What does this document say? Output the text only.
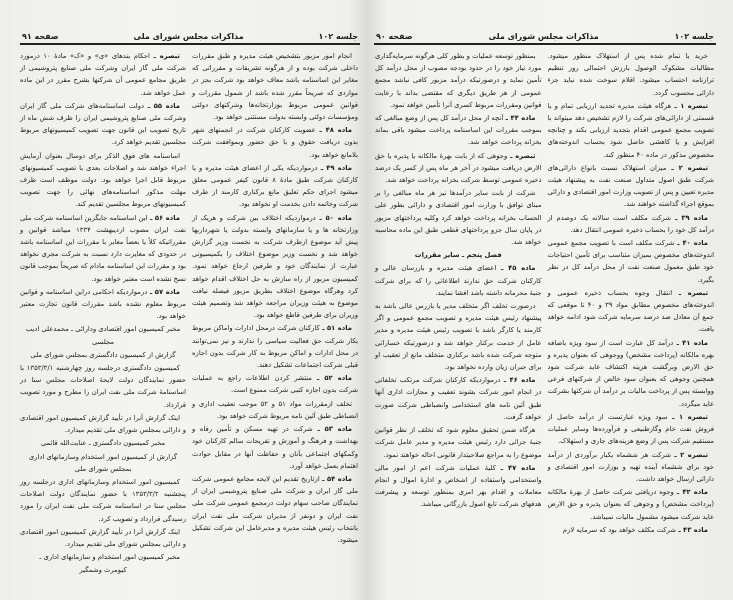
جلسه ۱۰۲
مذاکرات مجلس شورای ملی
صفحه ۹۱

انجام امور مزبور بتشخیص هیئت مدیره و طبق مقررات داخلی شرکت بوده و از هرگونه تشریفات و مقرراتی که مغایر این اساسنامه باشد معاف خواهد بود شرکت بجز در مواردی که صریحاً مقرر شده باشد از شمول مقررات و قوانین عمومی مربوط بوزارتخانه‌ها وشرکتهای دولتی ومؤسسات دولتی وابسته بدولت مستثنی خواهد بود.

ماده ۴۸ ـ عضویت کارکنان شرکت در انجمنهای شهر بدون دریافت حقوق و با حق حضور وبموافقت شرکت بلامانع خواهد بود.

ماده ۴۹ ـ درمواردیکه یکی از اعضای هیئت مدیره و یا کارکنان شرکت طبق مادهٔ ۸ قانون کیفر عمومی معلق میشود اجرای حکم تعلیق مانع برکناری کارمند از طرف شرکت وخاتمه دادن بخدمت او نخواهد بود.

ماده ۵۰ ـ درمواردیکه اختلاف بین شرکت و هریک از وزارتخانه ها و یا سازمانهای وابسته بدولت یا شهرداریها پیش آید موضوع ازطرف شرکت به نخست وزیر گزارش خواهد شد و نخست وزیر موضوع اختلاف را بکمیسیونی عبارت از نمایندگان خود و طرفین ارجاع خواهد نمود. کمیسیون مزبور از راه سازش به حل اختلاف اقدام خواهد کرد وهرگاه موضوع اختلاف بطریق مزبور فیصله نیافت موضوع به هیئت وزیران مراجعه خواهد شد وتصمیم هیئت وزیران برای طرفین قاطع خواهد بود.

ماده ۵۱ ـ کارکنان شرکت درمحل ادارات واماکن مربوط بکار شرکت حق فعالیت سیاسی را ندارند و نیز نمی‌توانند در محل ادارات و اماکن مربوط به کار شرکت بدون اجازه قبلی شرکت اجتماعات تشکیل دهند.

ماده ۵۲ ـ منتشر کردن اطلاعات راجع به عملیات شرکت بدون اجازه کتبی شرکت ممنوع است.

تخلف ازمقررات مواد ۵۱ و ۵۲ موجب تعقیب اداری و انضباطی طبق آئین نامه مربوط شرکت خواهد بود.

ماده ۵۳ ـ شرکت در تهیه مسکن و تأمین رفاه و بهداشت و فرهنگ و آموزش و تفریحات سالم کارکنان خود وکمکهای اجتماعی بآنان و حفاظت آنها در مقابل حوادث اهتمام بعمل خواهد آورد.

ماده ۵۴ ـ ازتاریخ تقدیم این لایحه مجامع عمومی شرکت ملی گاز ایران و شرکت ملی صنایع پتروشیمی ایران از نمایندگان صاحب سهام دولت درمجمع عمومی شرکت ملی نفت ایران و دونفر از مدیران شرکت ملی نفت ایران بانتخاب رئیس هیئت مدیره و مدیرعامل این شرکت تشکیل میشود.

تبصره ـ احکام بندهای «ی» و «ک» مادهٔ ۱۰ درمورد شرکت ملی گاز ایران وشرکت ملی صنایع پتروشیمی از طریق مجامع عمومی آن شرکتها بشرح مقرر در این ماده عمل خواهد شد.

ماده ۵۵ ـ دولت اساسنامه‌های شرکت ملی گاز ایران وشرکت ملی صنایع پتروشیمی ایران را ظرف شش ماه از تاریخ تصویب این قانون جهت تصویب کمیسیونهای مربوط مجلسین تقدیم خواهد کرد.

اساسنامه های فوق الذکر برای دوسال بعنوان آزمایش اجراء خواهند شد و اصلاحات بعدی با تصویب کمیسیونهای مربوط قابل اجرا خواهد بود. دولت موظف است ظرف مهلت مذکور اساسنامه‌های نهائی را جهت تصویب کمیسیونهای مربوط مجلسین تقدیم کند.

ماده ۵۶ ـ این اساسنامه جایگزین اساسنامه شرکت ملی نفت ایران مصوب اردیبهشت ۱۳۳۴ میباشد قوانین و مقرراتیکه کلاً یا بعضاً مغایر با مقررات این اساسنامه باشد در حدودی که مغایرت دارد نسبت به شرکت مجری نخواهد بود و مقررات این اساسنامه مادام که صریحاً بموجب قانون نسخ نشده است معتبر خواهد بود.

ماده ۵۷ ـ درمواردیکه احکامی دراین اساسنامه و قوانین مربوط معلوم نشده باشد مقررات قانون تجارت معتبر خواهد بود.

مخبر کمیسیون امور اقتصادی ودارائی ـ محمدعلی ادیب مجلسی

گزارش از کمیسیون دادگستری بمجلس شورای ملی

کمیسیون دادگستری درجلسه روز چهارشنبه ۱۳۵۳/۳/۱ با حضور نمایندگان دولت لایحهٔ اصلاحات مجلس سنا در اساسنامهٔ شرکت ملی نفت ایران را مطرح و مورد تصویب قرارداد.

اینک گزارش آنرا در تأیید گزارش کمیسیون امور اقتصادی و دارائی بمجلس شورای ملی تقدیم میدارد.

مخبر کمیسیون دادگستری ـ عنایت‌الله قائمی

گزارش از کمیسیون امور استخدام وسازمانهای اداری بمجلس شورای ملی

کمیسیون امور استخدام وسازمانهای اداری درجلسه روز پنجشنبه ۱۳۵۳/۳/۲ با حضور نمایندگان دولت اصلاحات مجلس سنا در اساسنامه شرکت ملی نفت ایران را مورد رسیدگی قرارداد و تصویب کرد.

اینک گزارش آنرا در تأیید گزارش کمیسیون امور اقتصادی و دارائی بمجلس شورای ملی تقدیم میدارد.

مخبر کمیسیون امور استخدام و سازمانهای اداری ـ

کیومرث وشمگیر

جلسه ۱۰۲
مذاکرات مجلس شورای ملی
صفحه ۹۰

خرید یا تمام شده پس از استهلاک منظور میشود. مطالبات مشکوک الوصول بارزش احتمالی روز تنظیم ترازنامه احتساب میشود. اقلام سوخت شده نباید جزء دارائی محسوب گردد.

تبصره ۱ ـ هرگاه هیئت مدیره تجدید ارزیابی تمام و یا قسمتی از دارائی‌های شرکت را لازم تشخیص دهد میتواند با تصویب مجمع عمومی اقدام بتجدید ارزیابی بکند و چنانچه افزایش و یا کاهشی حاصل شود بحساب اندوخته‌های مخصوص مذکور در ماده ۴۰ منظور کند.

تبصره ۲ ـ میزان استهلاک نسبت بانواع دارائی‌های شرکت طبق اصول متداول صنعت نفت به پیشنهاد هیئت مدیره تعیین و پس از تصویب وزارت امور اقتصادی و دارائی بموقع اجراء گذاشته خواهند شد.

ماده ۳۹ ـ شرکت مکلف است سالانه یک دوصدم از درآمد کل خود را بحساب ذخیره عمومی انتقال دهد.

ماده ۴۰ ـ شرکت مکلف است با تصویب مجمع عمومی اندوخته‌های مخصوص بمیزان متناسب برای تأمین احتیاجات خود طبق معمول صنعت نفت از محل درآمد کل در نظر بگیرد.

تبصره ـ انتقال وجوه بحساب ذخیره عمومی و اندوخته‌های مخصوص مطابق مواد ۳۹ و ۴۰ تا موقعی که جمع آن معادل صد درصد سرمایه شرکت شود ادامه خواهد یافت.

ماده ۴۱ ـ درآمد کل عبارت است از سود ویژه باضافه بهره مالکانه (پرداخت مشخص) ووجوهی که بعنوان پذیره و حق الارض وبرگشت هزینه اکتشاف عاید شرکت شود همچنین وجوهی که بعنوان سود خالص از شرکتهای فرعی ووابسته پس از پرداخت مالیات بر درآمد آن شرکتها بشرکت عاید میگردد.

تبصره ۱ ـ سود ویژه عبارتست از درآمد حاصل از فروش نفت خام وگازطبیعی و فرآورده‌ها وسایر عملیات مستقیم شرکت پس از وضع هزینه‌های جاری و استهلاک.

تبصره ۲ ـ شرکت هر ششماه یکبار برآوردی از درآمد خود برای ششماه آینده تهیه و بوزارت امور اقتصادی و دارائی ارسال خواهد داشت.

ماده ۴۲ ـ وجوه دریافتی شرکت حاصل از بهرهٔ مالکانه (پرداخت مشخص) و وجوهی که بعنوان پذیره و حق الارض عاید شرکت میشود مشمول مالیات نمیباشد.

ماده ۴۳ ـ شرکت مکلف خواهد بود که سرمایه لازم

بمنظور توسعه عملیات و بطور کلی هرگونه سرمایه‌گذاری مورد نیاز خود را در حدود بودجه مصوب از محل درآمد کل تأمین نماید و درصورتیکه درآمد مزبور کافی نباشد مجمع عمومی از هر طریق دیگری که مقتضی بداند با رعایت قوانین ومقررات مربوط کسری آنرا تأمین خواهد نمود.

ماده ۴۴ ـ آنچه از محل درآمد کل پس از وضع مبالغی که بموجب مقررات این اساسنامه پرداخت میشود باقی بماند بخزانه پرداخت خواهد شد.

تبصره ـ وجوهی که از بابت بهرهٔ مالکانه یا پذیره یا حق الارض دریافت میشود در آخر هر ماه پس از کسر یک درصد ذخیره عمومی توسط شرکت بخزانه پرداخت خواهد شد.

شرکت از بابت سایر درآمدها نیز هر ماه مبالغی را بر مبنای توافق با وزارت امور اقتصادی و دارائی بطور علی الحساب بخزانه پرداخت خواهد کرد وکلیه پرداختهای مزبور در پایان سال جزو پرداختهای قطعی طبق این ماده محاسبه خواهد شد.

فصل پنجم ـ سایر مقررات

ماده ۴۵ ـ اعضای هیئت مدیره و بازرسان عالی و کارکنان شرکت حق ندارند اطلاعاتی را که برای شرکت جنبهٔ محرمانه داشته باشد افشا نمایند.

درصورت تخلف اگر متخلف مدیر یا بازرس عالی باشد به پیشنهاد رئیس هیئت مدیره و تصویب مجمع عمومی و اگر کارمند یا کارگر باشد با تصویب رئیس هیئت مدیره و مدیر عامل از خدمت برکنار خواهد شد و درصورتیکه خساراتی متوجه شرکت شده باشد برکناری متخلف مانع از تعقیب او برای جبران زیان وارده نخواهد بود.

ماده ۴۶ ـ درمواردیکه کارکنان شرکت مرتکب تخلفاتی در انجام امور شرکت بشوند تعقیب و مجازات اداری آنها طبق آئین نامه های استخدامی وانضباطی شرکت صورت خواهد گرفت.

هرگاه ضمن تحقیق معلوم شود که تخلف از نظر قوانین جنبهٔ جزائی دارد رئیس هیئت مدیره و مدیر عامل شرکت موضوع را به مراجع صلاحیتدار قانونی احاله خواهند نمود.

ماده ۴۷ ـ کلیهٔ عملیات شرکت اعم از امور مالی واستخدامی واستفاده از اشخاص و ادارهٔ اموال و انجام معاملات و اقدام بهر امری بمنظور توسعه و پیشرفت هدفهای شرکت تابع اصول بازرگانی میباشد.
